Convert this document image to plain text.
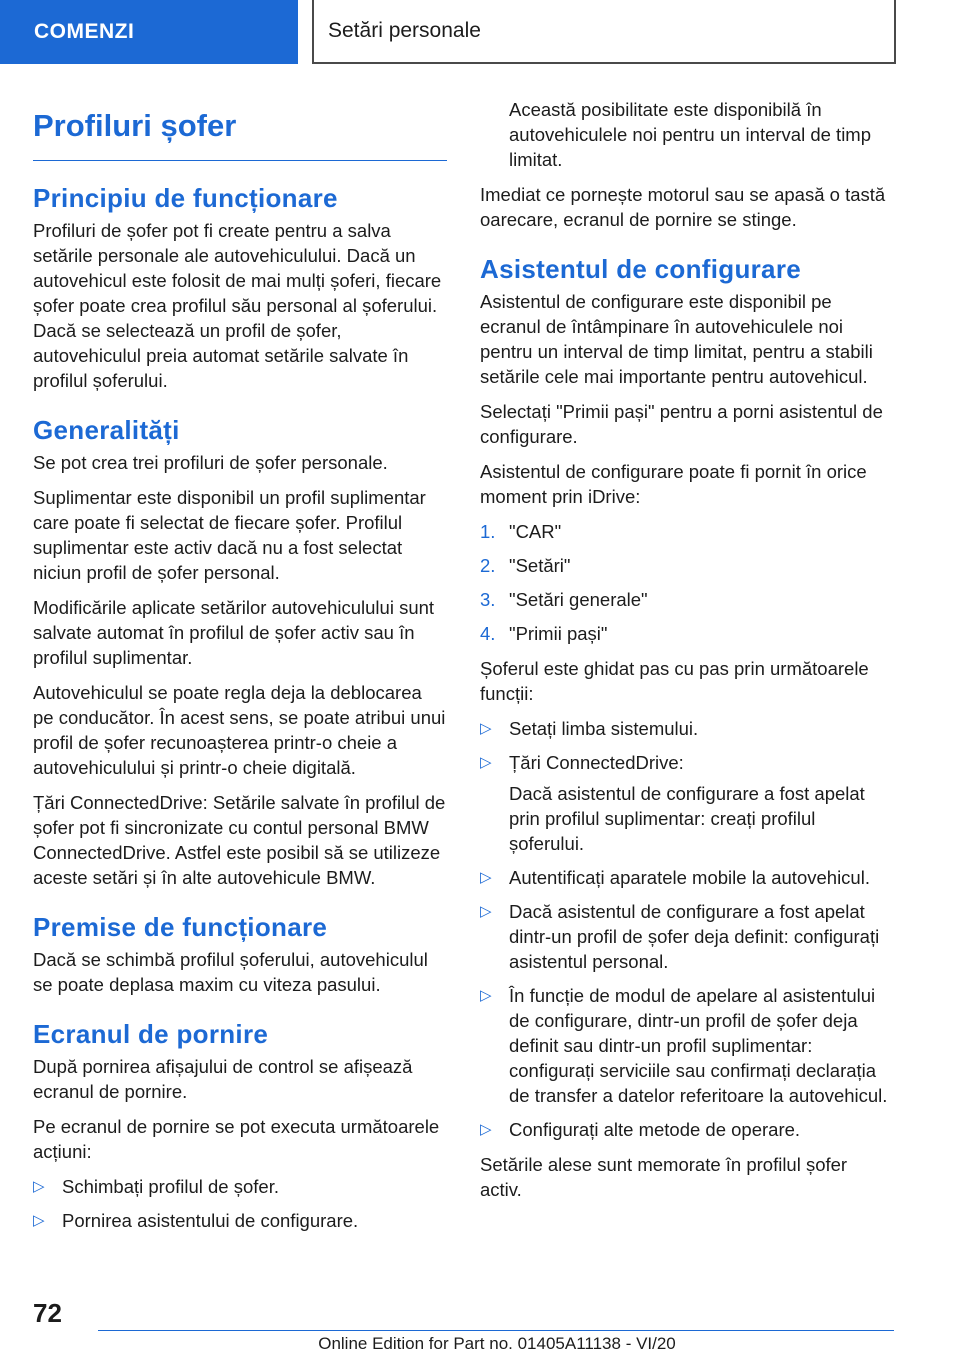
COMENZI	Setări personale
Profiluri șofer
Principiu de funcționare

Profiluri de șofer pot fi create pentru a salva setările personale ale autovehiculului. Dacă un autovehicul este folosit de mai mulți șoferi, fiecare șofer poate crea profilul său personal al șoferului. Dacă se selectează un profil de șofer, autovehiculul preia automat setările salvate în profilul șoferului.

Generalități

Se pot crea trei profiluri de șofer personale.

Suplimentar este disponibil un profil suplimentar care poate fi selectat de fiecare șofer. Profilul suplimentar este activ dacă nu a fost selectat niciun profil de șofer personal.

Modificările aplicate setărilor autovehiculului sunt salvate automat în profilul de șofer activ sau în profilul suplimentar.

Autovehiculul se poate regla deja la deblocarea pe conducător. În acest sens, se poate atribui unui profil de șofer recunoașterea printr-o cheie a autovehiculului și printr-o cheie digitală.

Țări ConnectedDrive: Setările salvate în profilul de șofer pot fi sincronizate cu contul personal BMW ConnectedDrive. Astfel este posibil să se utilizeze aceste setări și în alte autovehicule BMW.

Premise de funcționare

Dacă se schimbă profilul șoferului, autovehiculul se poate deplasa maxim cu viteza pasului.

Ecranul de pornire

După pornirea afișajului de control se afișează ecranul de pornire.

Pe ecranul de pornire se pot executa următoarele acțiuni:

▷ Schimbați profilul de șofer.
▷ Pornirea asistentului de configurare.

Această posibilitate este disponibilă în autovehiculele noi pentru un interval de timp limitat.

Imediat ce pornește motorul sau se apasă o tastă oarecare, ecranul de pornire se stinge.

Asistentul de configurare

Asistentul de configurare este disponibil pe ecranul de întâmpinare în autovehiculele noi pentru un interval de timp limitat, pentru a stabili setările cele mai importante pentru autovehicul.

Selectați "Primii pași" pentru a porni asistentul de configurare.

Asistentul de configurare poate fi pornit în orice moment prin iDrive:

1. "CAR"
2. "Setări"
3. "Setări generale"
4. "Primii pași"

Șoferul este ghidat pas cu pas prin următoarele funcții:

▷ Setați limba sistemului.
▷ Țări ConnectedDrive:

Dacă asistentul de configurare a fost apelat prin profilul suplimentar: creați profilul șoferului.

▷ Autentificați aparatele mobile la autovehicul.
▷ Dacă asistentul de configurare a fost apelat dintr-un profil de șofer deja definit: configurați asistentul personal.
▷ În funcție de modul de apelare al asistentului de configurare, dintr-un profil de șofer deja definit sau dintr-un profil suplimentar: configurați serviciile sau confirmați declarația de transfer a datelor referitoare la autovehicul.
▷ Configurați alte metode de operare.

Setările alese sunt memorate în profilul șofer activ.

72
Online Edition for Part no. 01405A11138 - VI/20
